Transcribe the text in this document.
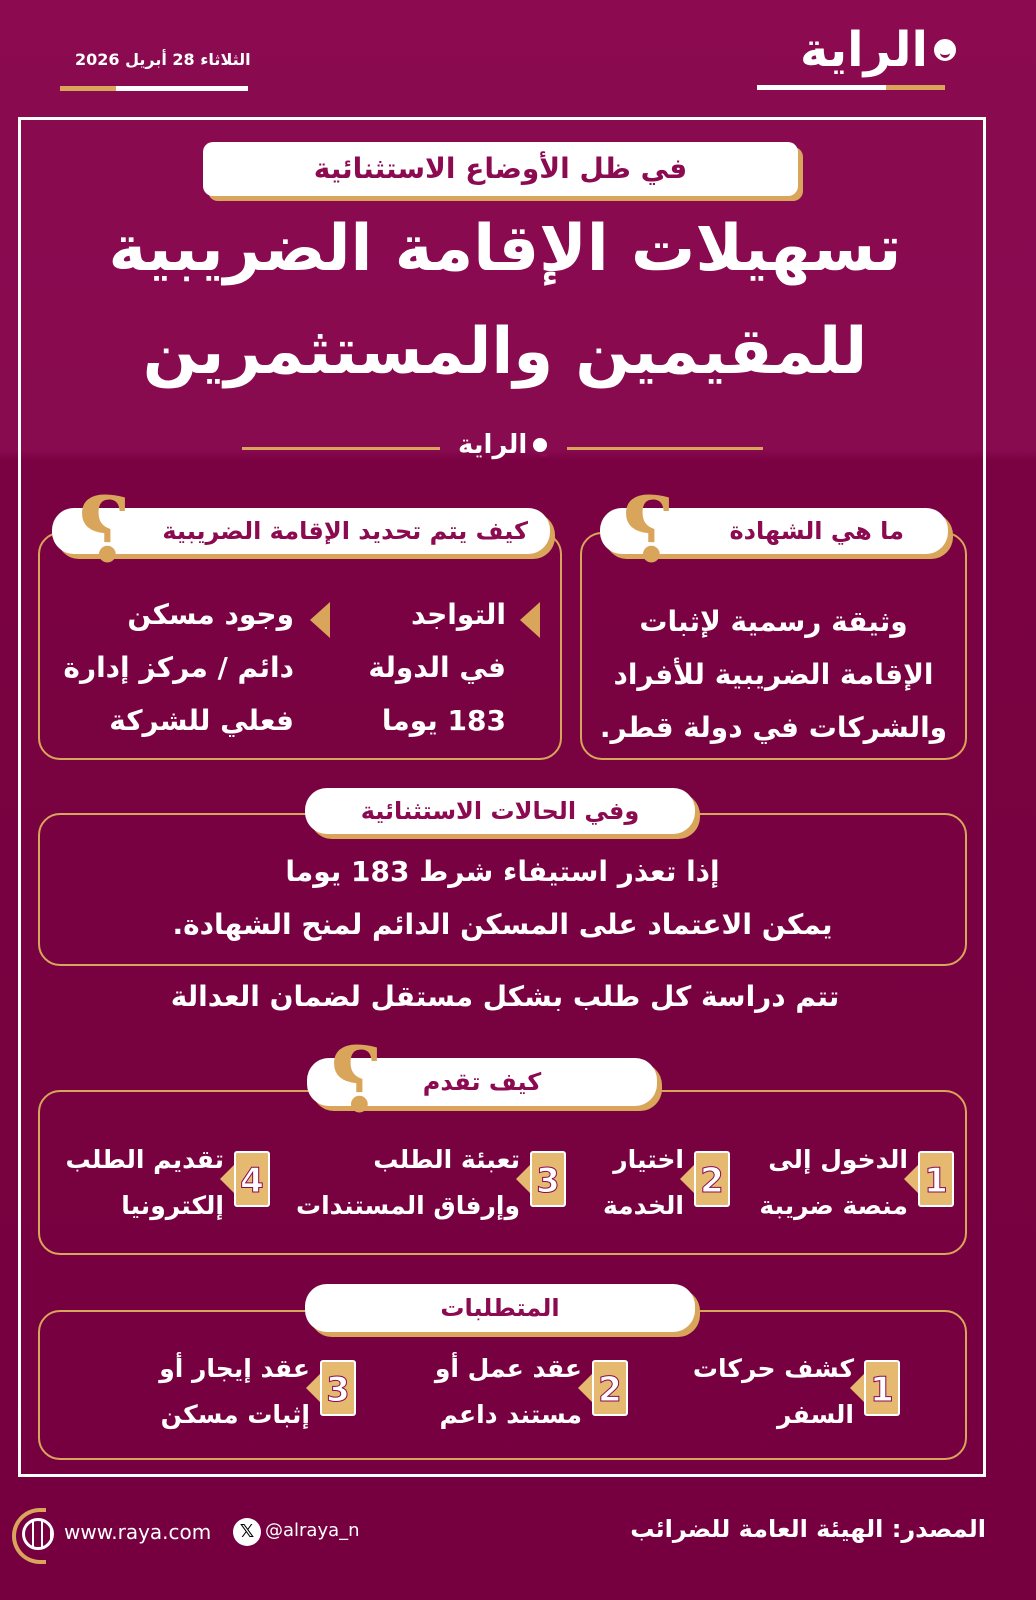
الراية
الثلاثاء 28 أبريل 2026
في ظل الأوضاع الاستثنائية
تسهيلات الإقامة الضريبية
للمقيمين والمستثمرين
الراية
ما هي الشهادة
?
وثيقة رسمية لإثبات
الإقامة الضريبية للأفراد
والشركات في دولة قطر.
كيف يتم تحديد الإقامة الضريبية
?
التواجد
في الدولة
183 يوما
وجود مسكن
دائم / مركز إدارة
فعلي للشركة
وفي الحالات الاستثنائية
إذا تعذر استيفاء شرط 183 يوما
يمكن الاعتماد على المسكن الدائم لمنح الشهادة.
تتم دراسة كل طلب بشكل مستقل لضمان العدالة
كيف تقدم
?
1
الدخول إلى
منصة ضريبة
2
اختيار
الخدمة
3
تعبئة الطلب
وإرفاق المستندات
4
تقديم الطلب
إلكترونيا
المتطلبات
1
كشف حركات
السفر
2
عقد عمل أو
مستند داعم
3
عقد إيجار أو
إثبات مسكن
المصدر: الهيئة العامة للضرائب
www.raya.com	𝕏 @alraya_n
